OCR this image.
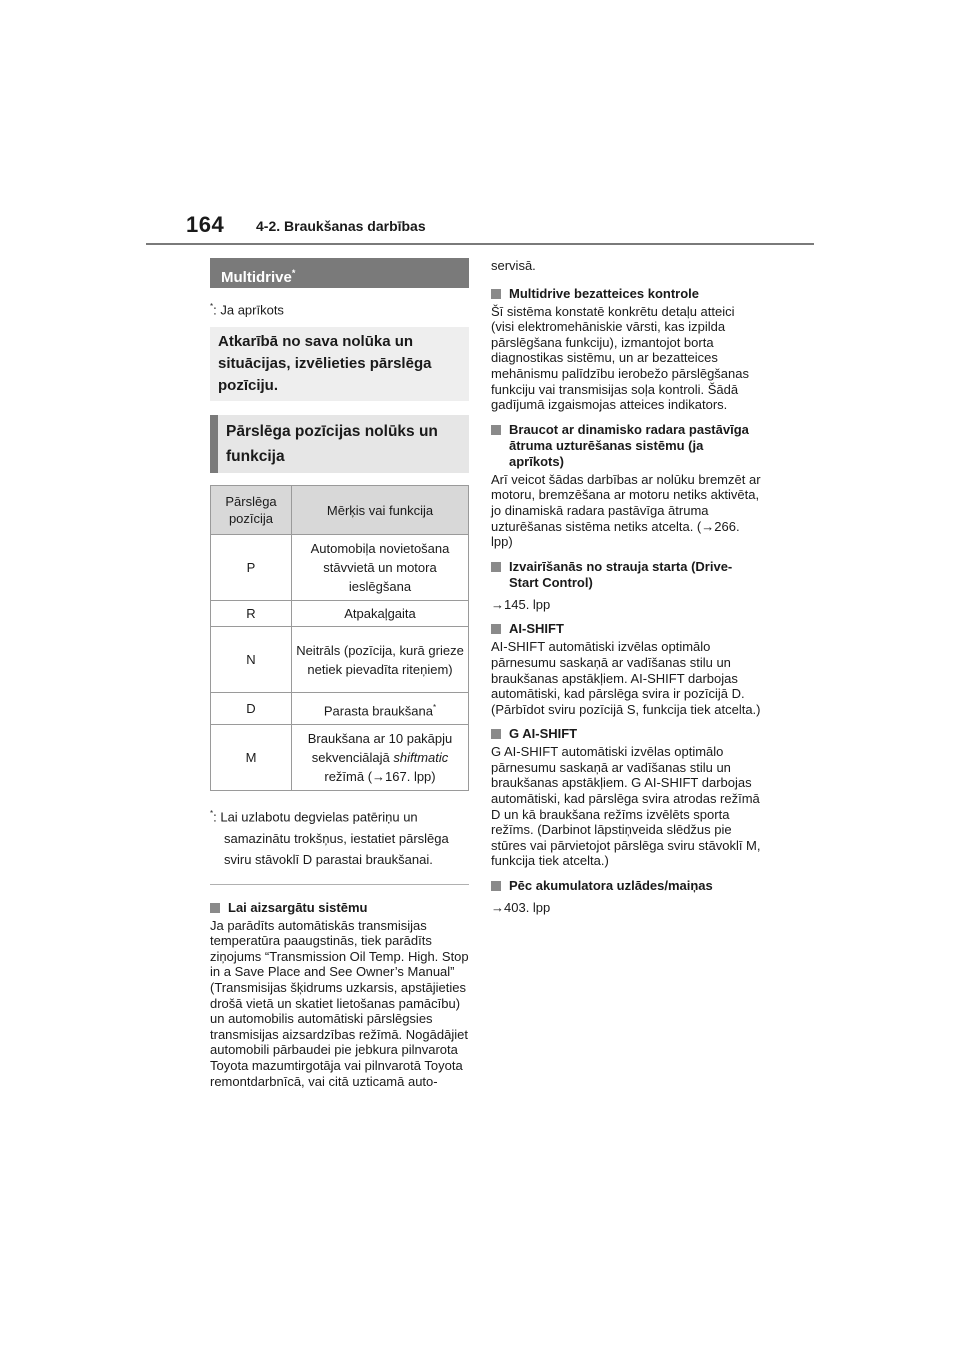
164 4-2. Braukšanas darbības
Multidrive*
*: Ja aprīkots
Atkarībā no sava nolūka un situācijas, izvēlieties pārslēga pozīciju.
Pārslēga pozīcijas nolūks un funkcija
Pārslēga pozīcija	Mērķis vai funkcija
P	Automobiļa novietošana stāvvietā un motora ieslēgšana
R	Atpakaļgaita
N	Neitrāls (pozīcija, kurā grieze netiek pievadīta riteņiem)
D	Parasta braukšana*
M	Braukšana ar 10 pakāpju sekvenciālajā shiftmatic režīmā (→167. lpp)
*: Lai uzlabotu degvielas patēriņu un samazinātu trokšņus, iestatiet pārslēga sviru stāvoklī D parastai braukšanai.
Lai aizsargātu sistēmu
Ja parādīts automātiskās transmisijas temperatūra paaugstinās, tiek parādīts ziņojums “Transmission Oil Temp. High. Stop in a Save Place and See Owner’s Manual” (Transmisijas šķidrums uzkarsis, apstājieties drošā vietā un skatiet lietošanas pamācību) un automobilis automātiski pārslēgsies transmisijas aizsardzības režīmā. Nogādājiet automobili pārbaudei pie jebkura pilnvarota Toyota mazumtirgotāja vai pilnvarotā Toyota remontdarbnīcā, vai citā uzticamā auto-
servisā.
Multidrive bezatteices kontrole
Šī sistēma konstatē konkrētu detaļu atteici (visi elektromehāniskie vārsti, kas izpilda pārslēgšana funkciju), izmantojot borta diagnostikas sistēmu, un ar bezatteices mehānismu palīdzību ierobežo pārslēgšanas funkciju vai transmisijas soļa kontroli. Šādā gadījumā izgaismojas atteices indikators.
Braucot ar dinamisko radara pastāvīga ātruma uzturēšanas sistēmu (ja aprīkots)
Arī veicot šādas darbības ar nolūku bremzēt ar motoru, bremzēšana ar motoru netiks aktivēta, jo dinamiskā radara pastāvīga ātruma uzturēšanas sistēma netiks atcelta. (→266. lpp)
Izvairīšanās no strauja starta (Drive-Start Control)
→145. lpp
AI-SHIFT
AI-SHIFT automātiski izvēlas optimālo pārnesumu saskaņā ar vadīšanas stilu un braukšanas apstākļiem. AI-SHIFT darbojas automātiski, kad pārslēga svira ir pozīcijā D. (Pārbīdot sviru pozīcijā S, funkcija tiek atcelta.)
G AI-SHIFT
G AI-SHIFT automātiski izvēlas optimālo pārnesumu saskaņā ar vadīšanas stilu un braukšanas apstākļiem. G AI-SHIFT darbojas automātiski, kad pārslēga svira atrodas režīmā D un kā braukšana režīms izvēlēts sporta režīms. (Darbinot lāpstiņveida slēdžus pie stūres vai pārvietojot pārslēga sviru stāvoklī M, funkcija tiek atcelta.)
Pēc akumulatora uzlādes/maiņas
→403. lpp
